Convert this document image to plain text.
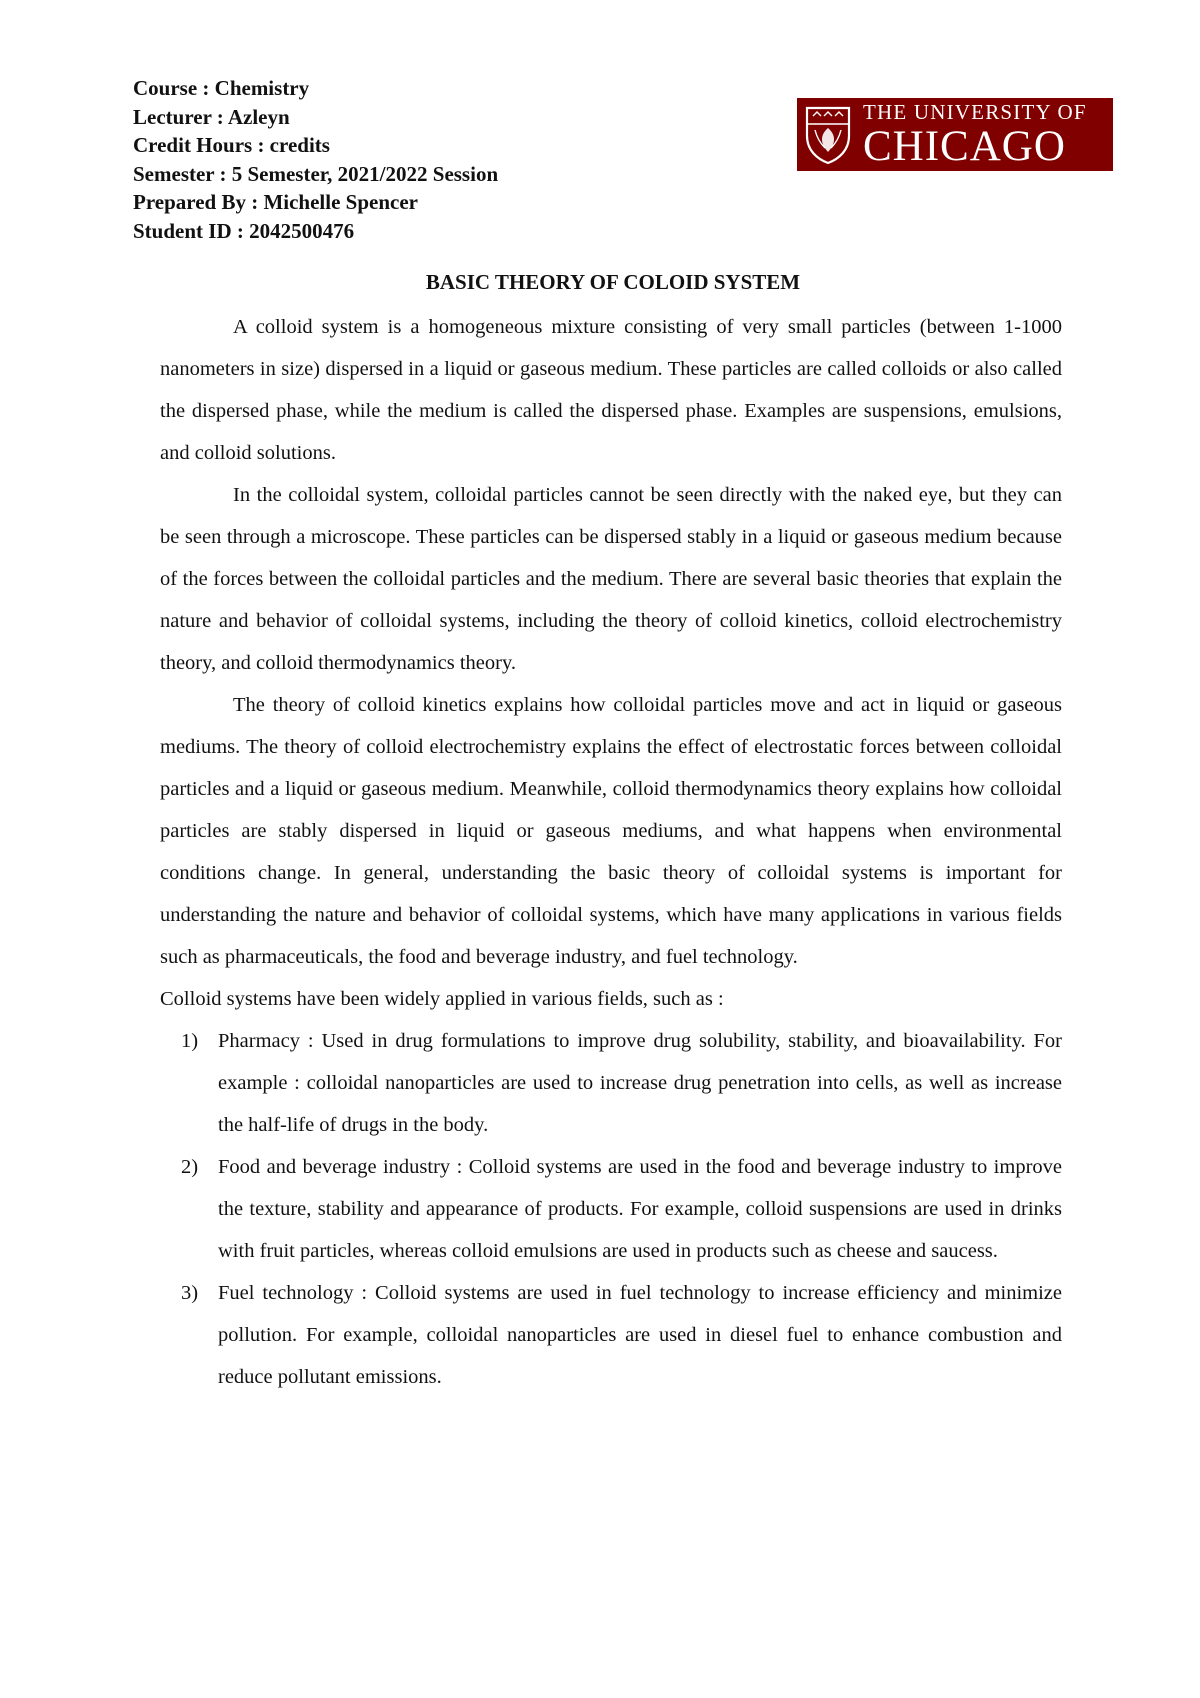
Course : Chemistry
Lecturer : Azleyn
Credit Hours : credits
Semester : 5 Semester, 2021/2022 Session
Prepared By : Michelle Spencer
Student ID : 2042500476
THE UNIVERSITY OF
CHICAGO
BASIC THEORY OF COLOID SYSTEM

A colloid system is a homogeneous mixture consisting of very small particles (between 1-1000 nanometers in size) dispersed in a liquid or gaseous medium. These particles are called colloids or also called the dispersed phase, while the medium is called the dispersed phase. Examples are suspensions, emulsions, and colloid solutions.

In the colloidal system, colloidal particles cannot be seen directly with the naked eye, but they can be seen through a microscope. These particles can be dispersed stably in a liquid or gaseous medium because of the forces between the colloidal particles and the medium. There are several basic theories that explain the nature and behavior of colloidal systems, including the theory of colloid kinetics, colloid electrochemistry theory, and colloid thermodynamics theory.

The theory of colloid kinetics explains how colloidal particles move and act in liquid or gaseous mediums. The theory of colloid electrochemistry explains the effect of electrostatic forces between colloidal particles and a liquid or gaseous medium. Meanwhile, colloid thermodynamics theory explains how colloidal particles are stably dispersed in liquid or gaseous mediums, and what happens when environmental conditions change. In general, understanding the basic theory of colloidal systems is important for understanding the nature and behavior of colloidal systems, which have many applications in various fields such as pharmaceuticals, the food and beverage industry, and fuel technology.

Colloid systems have been widely applied in various fields, such as :

1) Pharmacy : Used in drug formulations to improve drug solubility, stability, and bioavailability. For example : colloidal nanoparticles are used to increase drug penetration into cells, as well as increase the half-life of drugs in the body.
2) Food and beverage industry : Colloid systems are used in the food and beverage industry to improve the texture, stability and appearance of products. For example, colloid suspensions are used in drinks with fruit particles, whereas colloid emulsions are used in products such as cheese and saucess.
3) Fuel technology : Colloid systems are used in fuel technology to increase efficiency and minimize pollution. For example, colloidal nanoparticles are used in diesel fuel to enhance combustion and reduce pollutant emissions.
